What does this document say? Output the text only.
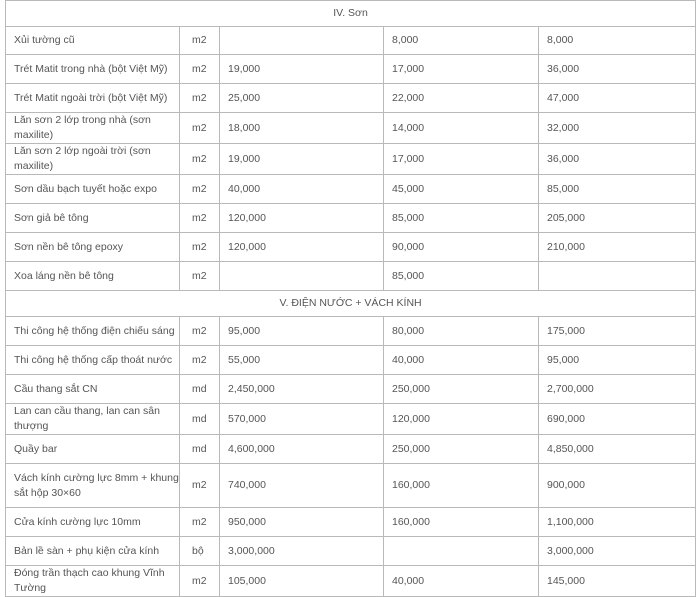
IV. Sơn				
Xủi tường cũ	m2		8,000	8,000
Trét Matit trong nhà (bột Việt Mỹ)	m2	19,000	17,000	36,000
Trét Matit ngoài trời (bột Việt Mỹ)	m2	25,000	22,000	47,000
Lăn sơn 2 lớp trong nhà (sơn maxilite)	m2	18,000	14,000	32,000
Lăn sơn 2 lớp ngoài trời (sơn maxilite)	m2	19,000	17,000	36,000
Sơn dầu bạch tuyết hoặc expo	m2	40,000	45,000	85,000
Sơn giả bê tông	m2	120,000	85,000	205,000
Sơn nền bê tông epoxy	m2	120,000	90,000	210,000
Xoa láng nền bê tông	m2		85,000	
V. ĐIỆN NƯỚC + VÁCH KÍNH				
Thi công hệ thống điện chiếu sáng	m2	95,000	80,000	175,000
Thi công hệ thống cấp thoát nước	m2	55,000	40,000	95,000
Cầu thang sắt CN	md	2,450,000	250,000	2,700,000
Lan can cầu thang, lan can sân thượng	md	570,000	120,000	690,000
Quầy bar	md	4,600,000	250,000	4,850,000
Vách kính cường lực 8mm + khung sắt hộp 30×60	m2	740,000	160,000	900,000
Cửa kính cường lực 10mm	m2	950,000	160,000	1,100,000
Bản lề sàn + phụ kiện cửa kính	bộ	3,000,000		3,000,000
Đóng trần thạch cao khung Vĩnh Tường	m2	105,000	40,000	145,000
